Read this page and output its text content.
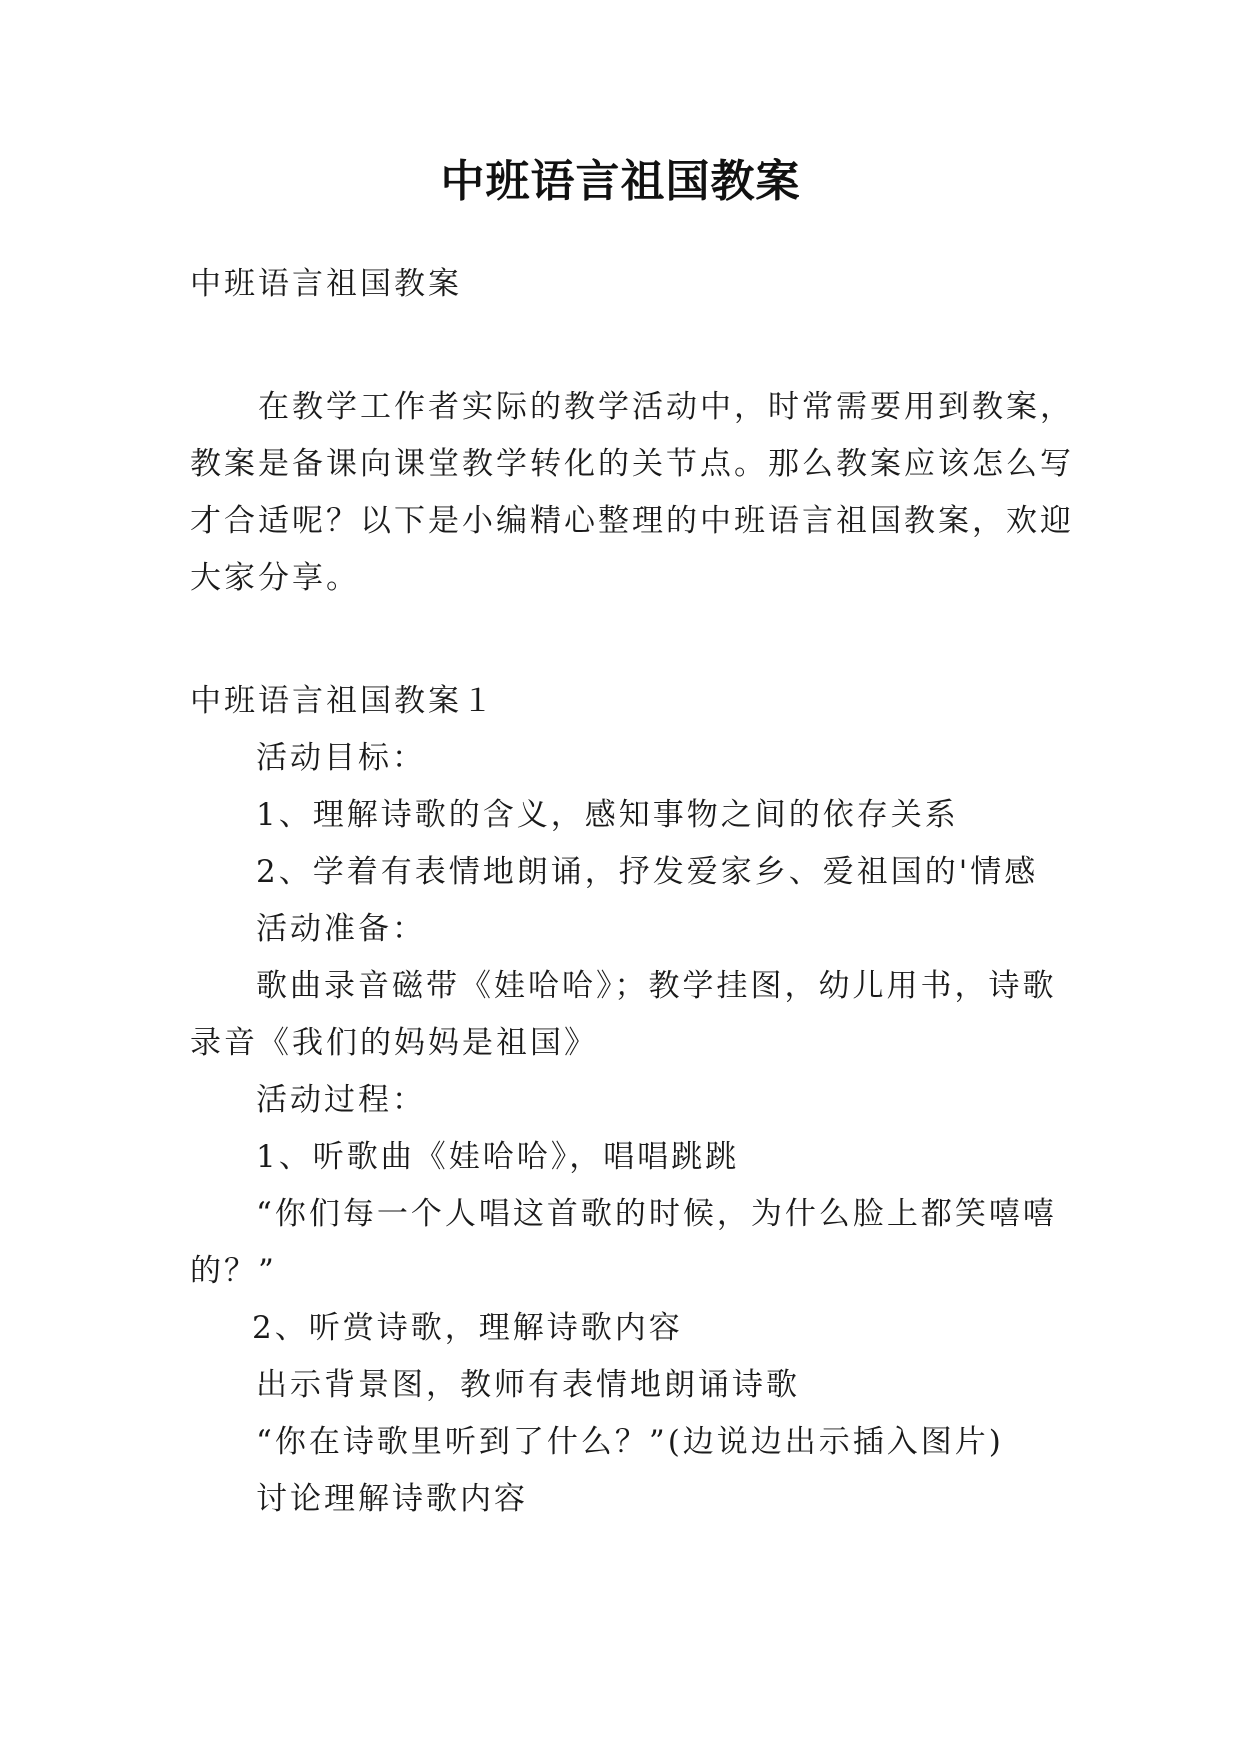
中班语言祖国教案
中班语言祖国教案
在教学工作者实际的教学活动中，时常需要用到教案，
教案是备课向课堂教学转化的关节点。那么教案应该怎么写
才合适呢？以下是小编精心整理的中班语言祖国教案，欢迎
大家分享。
中班语言祖国教案１
活动目标：
1、理解诗歌的含义，感知事物之间的依存关系
2、学着有表情地朗诵，抒发爱家乡、爱祖国的'情感
活动准备：
歌曲录音磁带《娃哈哈》；教学挂图，幼儿用书，诗歌
录音《我们的妈妈是祖国》
活动过程：
1、听歌曲《娃哈哈》，唱唱跳跳
“你们每一个人唱这首歌的时候，为什么脸上都笑嘻嘻
的？”
2、听赏诗歌，理解诗歌内容
出示背景图，教师有表情地朗诵诗歌
“你在诗歌里听到了什么？”(边说边出示插入图片)
讨论理解诗歌内容
